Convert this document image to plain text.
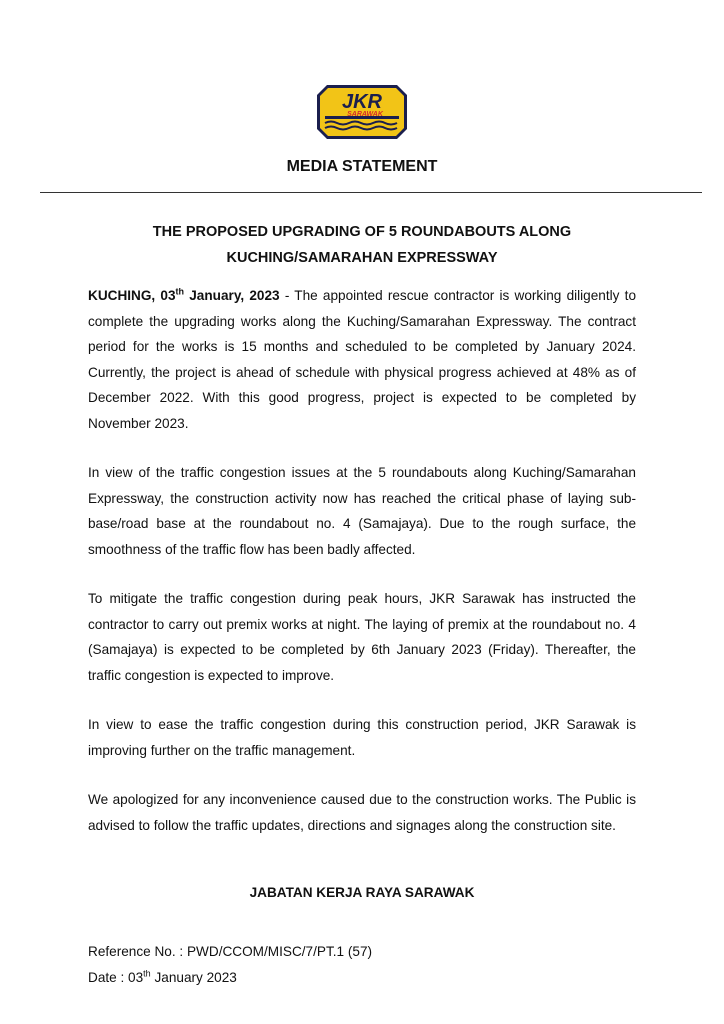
JKR
SARAWAK
MEDIA STATEMENT
THE PROPOSED UPGRADING OF 5 ROUNDABOUTS ALONG
KUCHING/SAMARAHAN EXPRESSWAY

KUCHING, 03th January, 2023 - The appointed rescue contractor is working diligently to complete the upgrading works along the Kuching/Samarahan Expressway. The contract period for the works is 15 months and scheduled to be completed by January 2024. Currently, the project is ahead of schedule with physical progress achieved at 48% as of December 2022. With this good progress, project is expected to be completed by November 2023.

In view of the traffic congestion issues at the 5 roundabouts along Kuching/Samarahan Expressway, the construction activity now has reached the critical phase of laying sub-base/road base at the roundabout no. 4 (Samajaya). Due to the rough surface, the smoothness of the traffic flow has been badly affected.

To mitigate the traffic congestion during peak hours, JKR Sarawak has instructed the contractor to carry out premix works at night. The laying of premix at the roundabout no. 4 (Samajaya) is expected to be completed by 6th January 2023 (Friday). Thereafter, the traffic congestion is expected to improve.

In view to ease the traffic congestion during this construction period, JKR Sarawak is improving further on the traffic management.

We apologized for any inconvenience caused due to the construction works. The Public is advised to follow the traffic updates, directions and signages along the construction site.

JABATAN KERJA RAYA SARAWAK
Reference No. : PWD/CCOM/MISC/7/PT.1 (57)
Date : 03th January 2023
